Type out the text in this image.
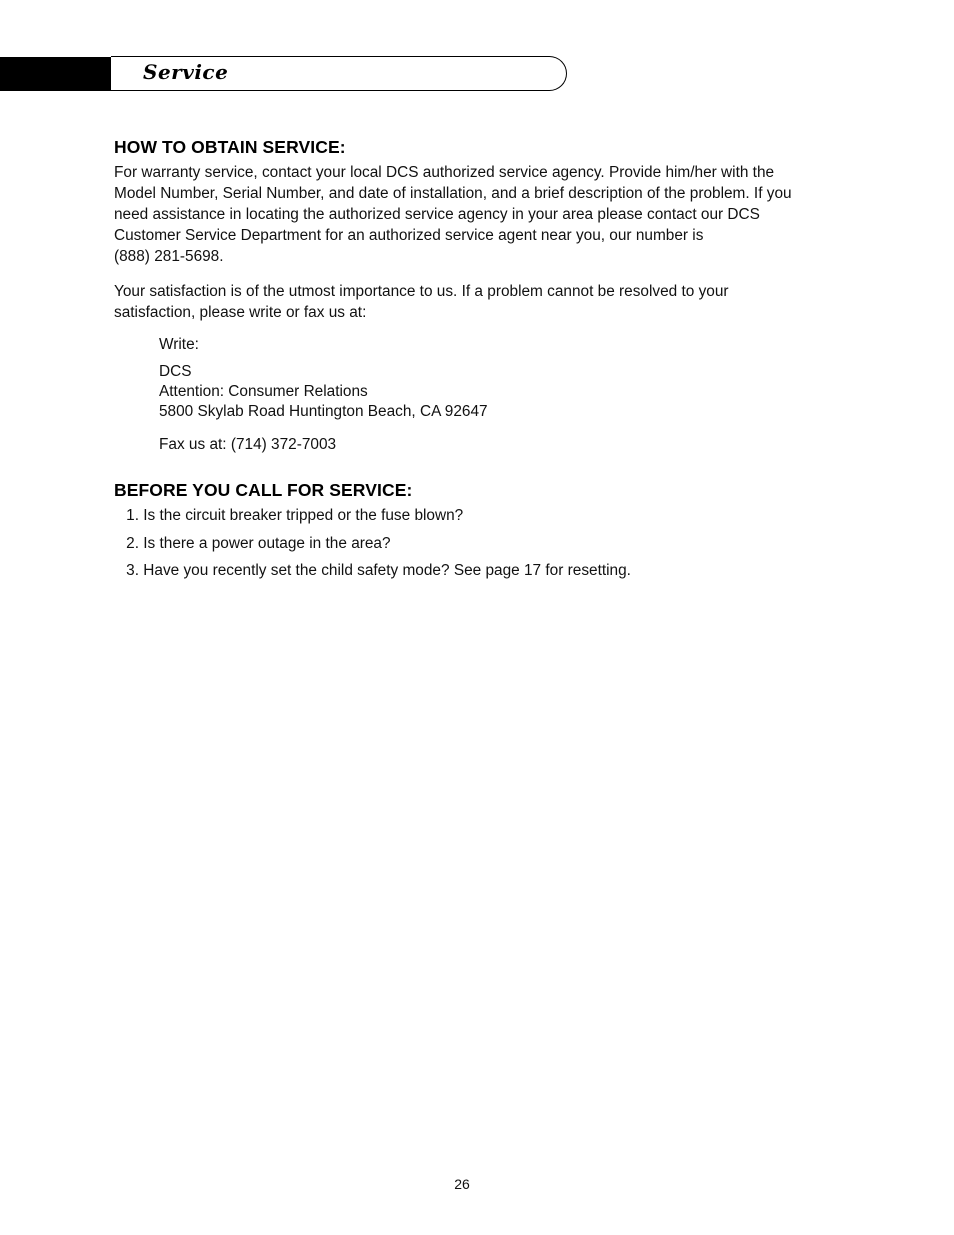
Service
HOW TO OBTAIN SERVICE:

For warranty service, contact your local DCS authorized service agency. Provide him/her with the
Model Number, Serial Number, and date of installation, and a brief description of the problem. If you
need assistance in locating the authorized service agency in your area please contact our DCS
Customer Service Department for an authorized service agent near you, our number is
(888) 281-5698.

Your satisfaction is of the utmost importance to us. If a problem cannot be resolved to your
satisfaction, please write or fax us at:

Write:
DCS
Attention: Consumer Relations
5800 Skylab Road Huntington Beach, CA 92647
Fax us at: (714) 372-7003
BEFORE YOU CALL FOR SERVICE:
1. Is the circuit breaker tripped or the fuse blown?
2. Is there a power outage in the area?
3. Have you recently set the child safety mode? See page 17 for resetting.
26
